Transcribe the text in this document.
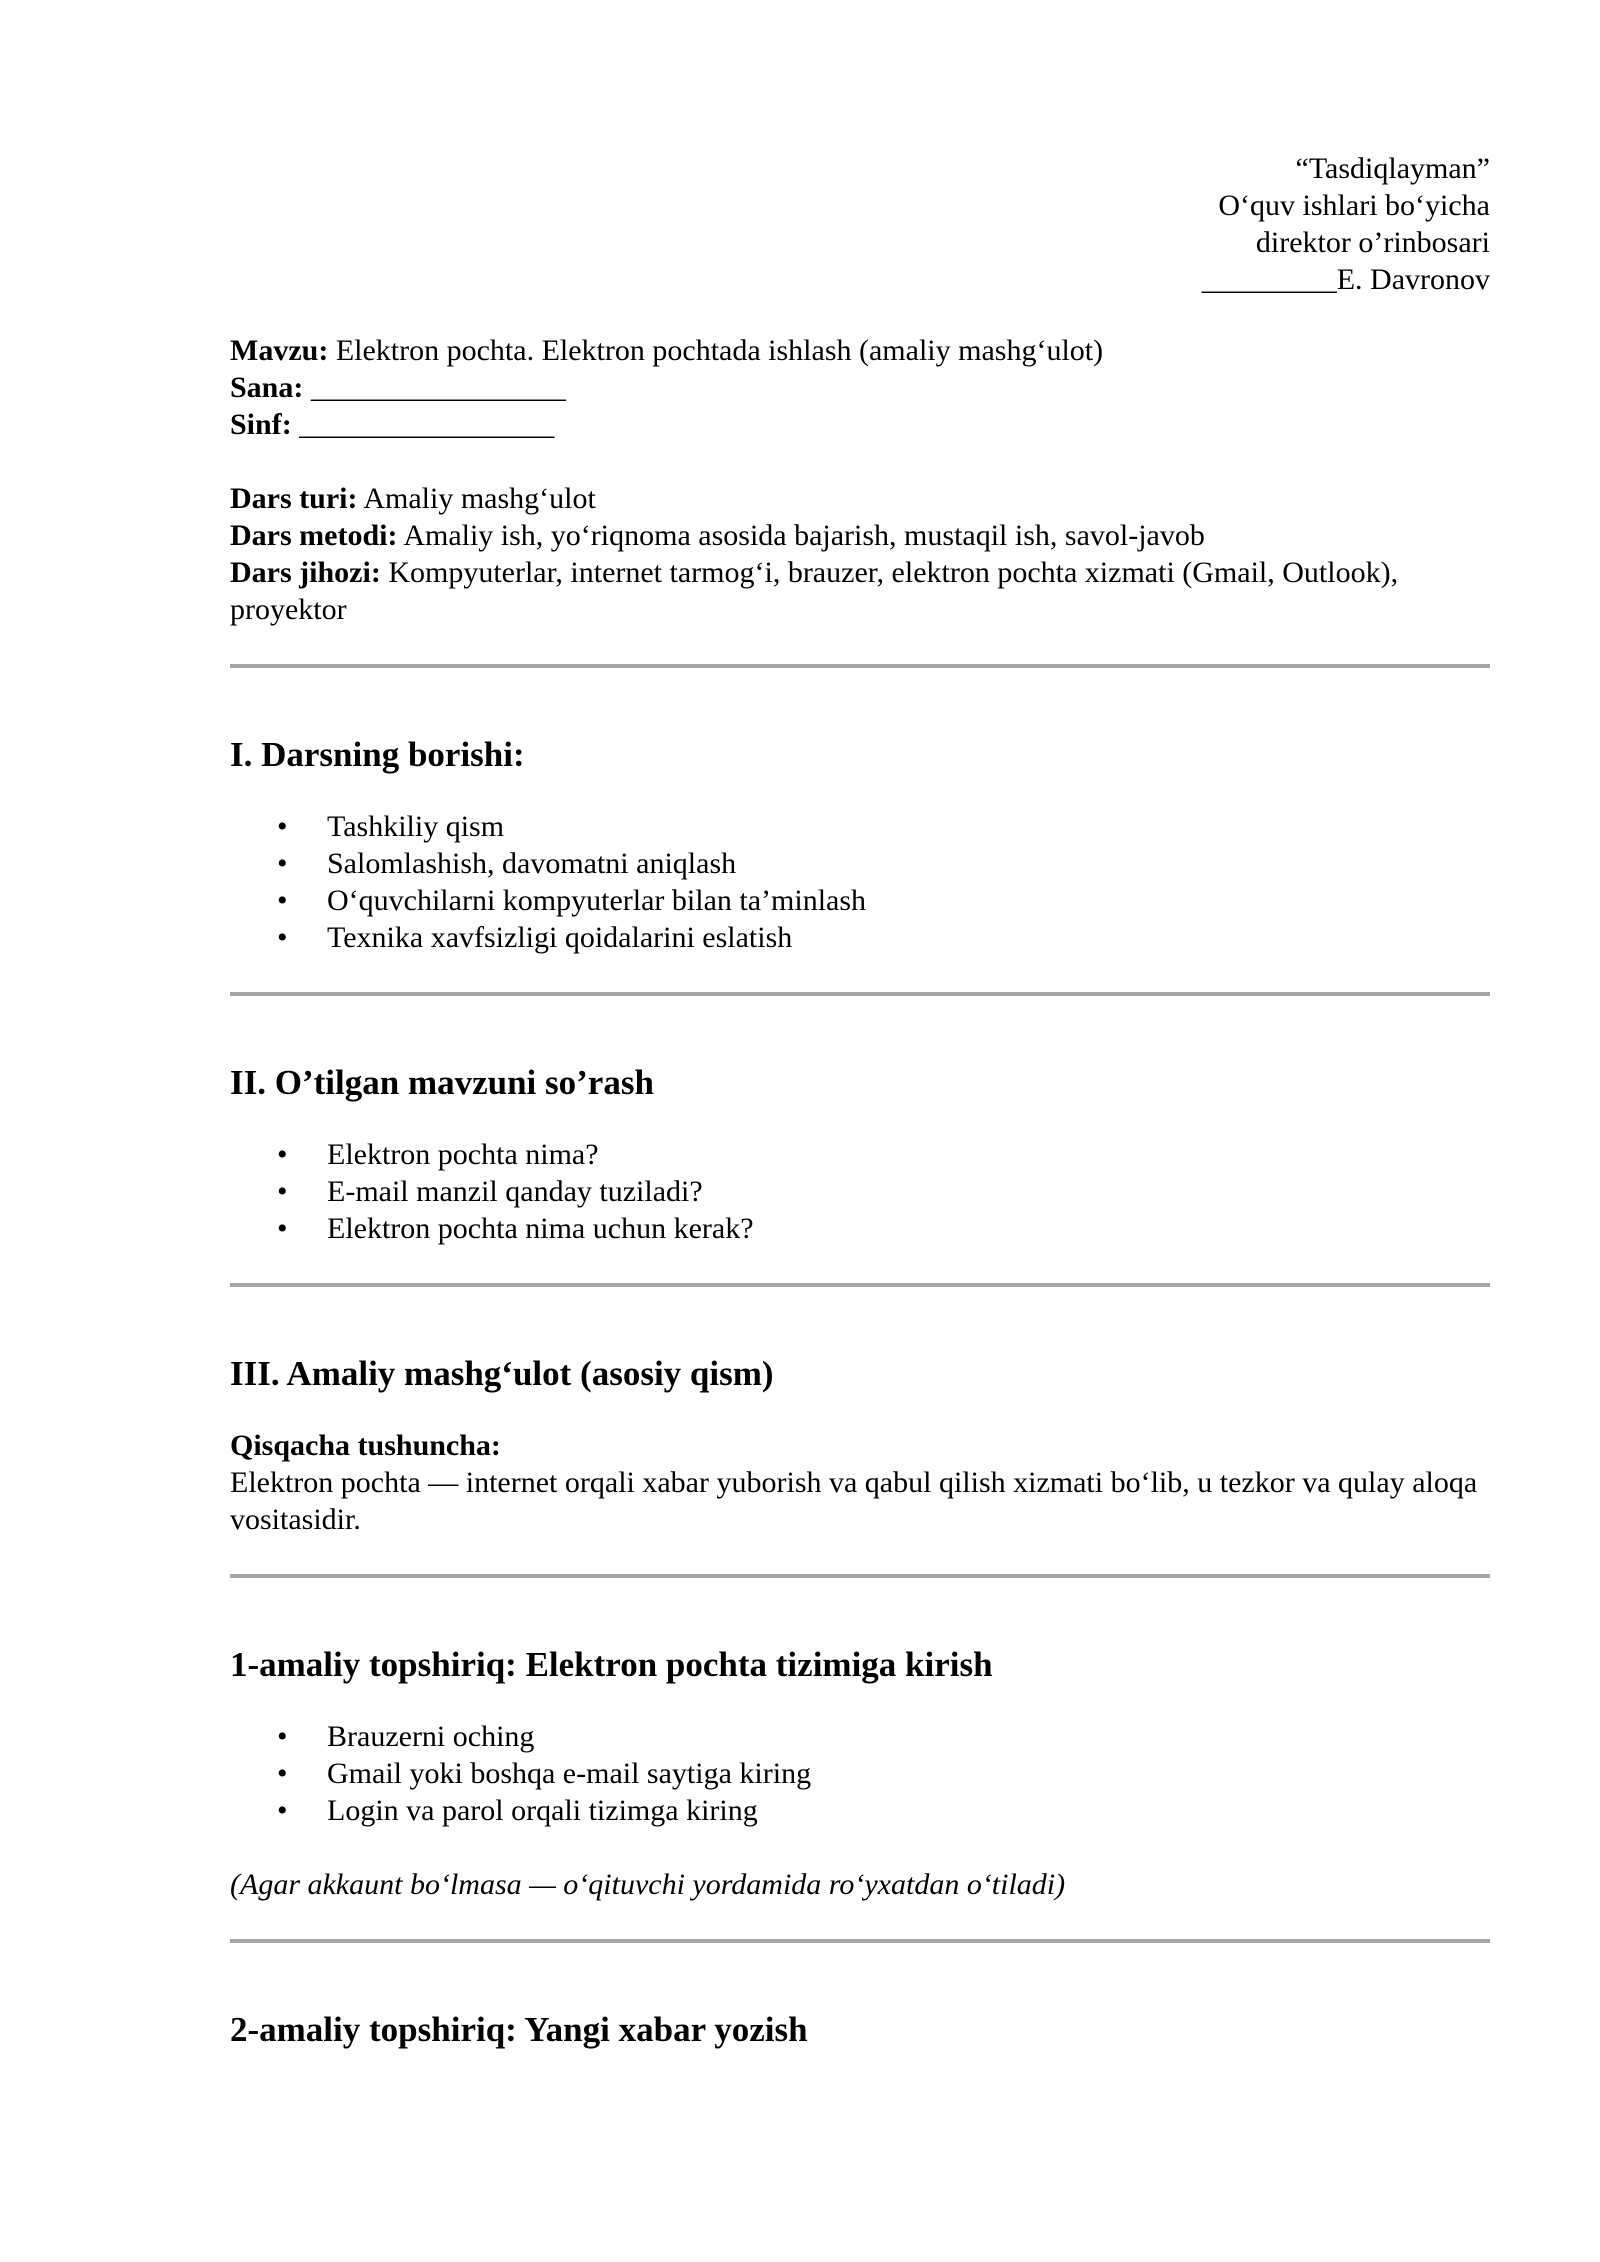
“Tasdiqlayman”
O‘quv ishlari bo‘yicha
direktor o’rinbosari
_________E. Davronov
Mavzu: Elektron pochta. Elektron pochtada ishlash (amaliy mashg‘ulot)
Sana: _________________
Sinf: _________________
Dars turi: Amaliy mashg‘ulot
Dars metodi: Amaliy ish, yo‘riqnoma asosida bajarish, mustaqil ish, savol-javob
Dars jihozi: Kompyuterlar, internet tarmog‘i, brauzer, elektron pochta xizmati (Gmail, Outlook), proyektor
I. Darsning borishi:
• Tashkiliy qism
• Salomlashish, davomatni aniqlash
• O‘quvchilarni kompyuterlar bilan ta’minlash
• Texnika xavfsizligi qoidalarini eslatish
II. O’tilgan mavzuni so’rash
• Elektron pochta nima?
• E-mail manzil qanday tuziladi?
• Elektron pochta nima uchun kerak?
III. Amaliy mashg‘ulot (asosiy qism)
Qisqacha tushuncha:
Elektron pochta — internet orqali xabar yuborish va qabul qilish xizmati bo‘lib, u tezkor va qulay aloqa vositasidir.
1-amaliy topshiriq: Elektron pochta tizimiga kirish
• Brauzerni oching
• Gmail yoki boshqa e-mail saytiga kiring
• Login va parol orqali tizimga kiring
(Agar akkaunt bo‘lmasa — o‘qituvchi yordamida ro‘yxatdan o‘tiladi)
2-amaliy topshiriq: Yangi xabar yozish
